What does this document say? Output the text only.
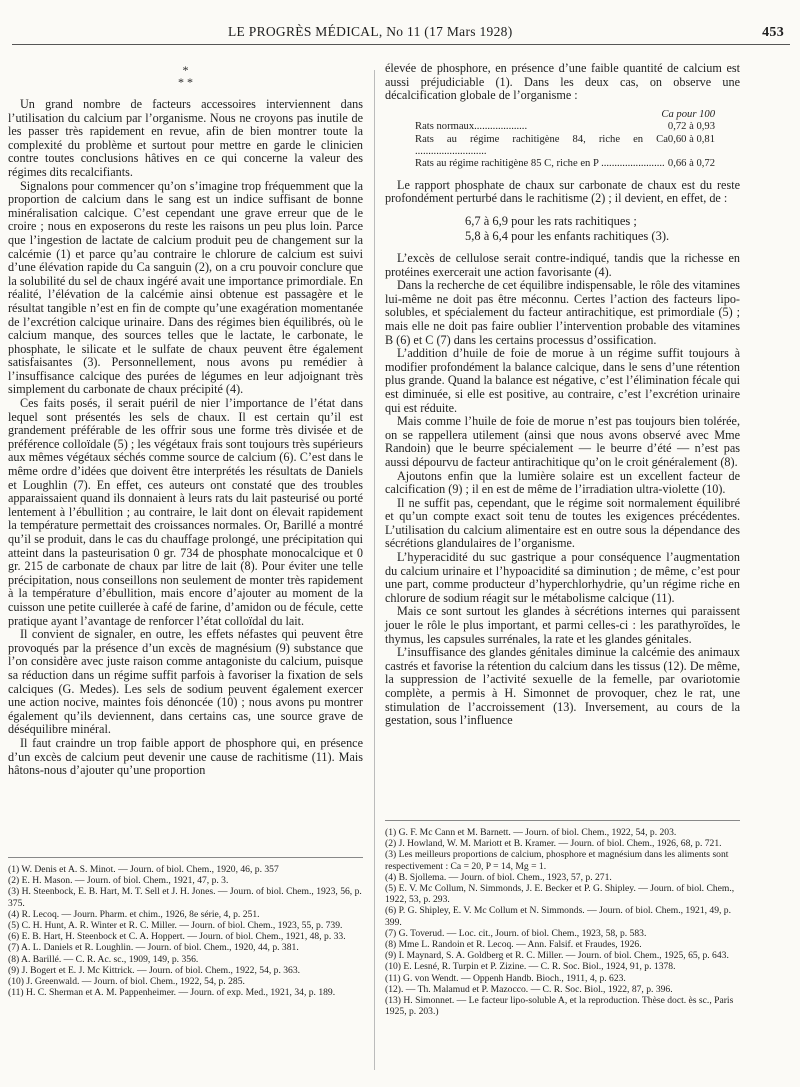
LE PROGRÈS MÉDICAL, No 11 (17 Mars 1928)	453
*
* *

Un grand nombre de facteurs accessoires interviennent dans l’utilisation du calcium par l’organisme. Nous ne croyons pas inutile de les passer très rapidement en revue, afin de bien montrer toute la complexité du problème et surtout pour mettre en garde le clinicien contre toutes conclusions hâtives en ce qui concerne la valeur des régimes dits recalcifiants.

Signalons pour commencer qu’on s’imagine trop fréquemment que la proportion de calcium dans le sang est un indice suffisant de bonne minéralisation calcique. C’est cependant une grave erreur que de le croire ; nous en exposerons du reste les raisons un peu plus loin. Parce que l’ingestion de lactate de calcium produit peu de changement sur la calcémie (1) et parce qu’au contraire le chlorure de calcium est suivi d’une élévation rapide du Ca sanguin (2), on a cru pouvoir conclure que la solubilité du sel de chaux ingéré avait une importance primordiale. En réalité, l’élévation de la calcémie ainsi obtenue est passagère et le résultat tangible n’est en fin de compte qu’une exagération momentanée de l’excrétion calcique urinaire. Dans des régimes bien équilibrés, où le calcium manque, des sources telles que le lactate, le carbonate, le phosphate, le silicate et le sulfate de chaux peuvent être également satisfaisantes (3). Personnellement, nous avons pu remédier à l’insuffisance calcique des purées de légumes en leur adjoignant très simplement du carbonate de chaux précipité (4).

Ces faits posés, il serait puéril de nier l’importance de l’état dans lequel sont présentés les sels de chaux. Il est certain qu’il est grandement préférable de les offrir sous une forme très divisée et de préférence colloïdale (5) ; les végétaux frais sont toujours très supérieurs aux mêmes végétaux séchés comme source de calcium (6). C’est dans le même ordre d’idées que doivent être interprétés les résultats de Daniels et Loughlin (7). En effet, ces auteurs ont constaté que des troubles apparaissaient quand ils donnaient à leurs rats du lait pasteurisé ou porté lentement à l’ébullition ; au contraire, le lait dont on élevait rapidement la température permettait des croissances normales. Or, Barillé a montré qu’il se produit, dans le cas du chauffage prolongé, une précipitation qui atteint dans la pasteurisation 0 gr. 734 de phosphate monocalcique et 0 gr. 215 de carbonate de chaux par litre de lait (8). Pour éviter une telle précipitation, nous conseillons non seulement de monter très rapidement à la température d’ébullition, mais encore d’ajouter au moment de la cuisson une petite cuillerée à café de farine, d’amidon ou de fécule, cette pratique ayant l’avantage de renforcer l’état colloïdal du lait.

Il convient de signaler, en outre, les effets néfastes qui peuvent être provoqués par la présence d’un excès de magnésium (9) substance que l’on considère avec juste raison comme antagoniste du calcium, puisque sa réduction dans un régime suffit parfois à favoriser la fixation de sels calciques (G. Medes). Les sels de sodium peuvent également exercer une action nocive, maintes fois dénoncée (10) ; nous avons pu montrer également qu’ils deviennent, dans certains cas, une source grave de déséquilibre minéral.

Il faut craindre un trop faible apport de phosphore qui, en présence d’un excès de calcium peut devenir une cause de rachitisme (11). Mais hâtons-nous d’ajouter qu’une proportion

élevée de phosphore, en présence d’une faible quantité de calcium est aussi préjudiciable (1). Dans les deux cas, on observe une décalcification globale de l’organisme :

Ca pour 100
Rats normaux....................	0,72 à 0,93
Rats au régime rachitigène 84, riche en Ca ...........................
0,60 à 0,81
Rats au régime rachitigène 85 C, riche en P ........................ 0,66 à 0,72

Le rapport phosphate de chaux sur carbonate de chaux est du reste profondément perturbé dans le rachitisme (2) ; il devient, en effet, de :

6,7 à 6,9 pour les rats rachitiques ;
5,8 à 6,4 pour les enfants rachitiques (3).

L’excès de cellulose serait contre-indiqué, tandis que la richesse en protéines exercerait une action favorisante (4).

Dans la recherche de cet équilibre indispensable, le rôle des vitamines lui-même ne doit pas être méconnu. Certes l’action des facteurs lipo-solubles, et spécialement du facteur antirachitique, est primordiale (5) ; mais elle ne doit pas faire oublier l’intervention probable des vitamines B (6) et C (7) dans les certains processus d’ossification.

L’addition d’huile de foie de morue à un régime suffit toujours à modifier profondément la balance calcique, dans le sens d’une rétention plus grande. Quand la balance est négative, c’est l’élimination fécale qui est diminuée, si elle est positive, au contraire, c’est l’excrétion urinaire qui est réduite.

Mais comme l’huile de foie de morue n’est pas toujours bien tolérée, on se rappellera utilement (ainsi que nous avons observé avec Mme Randoin) que le beurre spécialement — le beurre d’été — n’est pas aussi dépourvu de facteur antirachitique qu’on le croit généralement (8).

Ajoutons enfin que la lumière solaire est un excellent facteur de calcification (9) ; il en est de même de l’irradiation ultra-violette (10).

Il ne suffit pas, cependant, que le régime soit normalement équilibré et qu’un compte exact soit tenu de toutes les exigences précédentes. L’utilisation du calcium alimentaire est en outre sous la dépendance des sécrétions glandulaires de l’organisme.

L’hyperacidité du suc gastrique a pour conséquence l’augmentation du calcium urinaire et l’hypoacidité sa diminution ; de même, c’est pour une part, comme producteur d’hyperchlorhydrie, qu’un régime riche en chlorure de sodium réagit sur le métabolisme calcique (11).

Mais ce sont surtout les glandes à sécrétions internes qui paraissent jouer le rôle le plus important, et parmi celles-ci : les parathyroïdes, le thymus, les capsules surrénales, la rate et les glandes génitales.

L’insuffisance des glandes génitales diminue la calcémie des animaux castrés et favorise la rétention du calcium dans les tissus (12). De même, la suppression de l’activité sexuelle de la femelle, par ovariotomie complète, a permis à H. Simonnet de provoquer, chez le rat, une stimulation de l’accroissement (13). Inversement, au cours de la gestation, sous l’influence

(1) W. Denis et A. S. Minot. — Journ. of biol. Chem., 1920, 46, p. 357

(2) E. H. Mason. — Journ. of biol. Chem., 1921, 47, p. 3.

(3) H. Steenbock, E. B. Hart, M. T. Sell et J. H. Jones. — Journ. of biol. Chem., 1923, 56, p. 375.

(4) R. Lecoq. — Journ. Pharm. et chim., 1926, 8e série, 4, p. 251.

(5) C. H. Hunt, A. R. Winter et R. C. Miller. — Journ. of biol. Chem., 1923, 55, p. 739.

(6) E. B. Hart, H. Steenbock et C. A. Hoppert. — Journ. of biol. Chem., 1921, 48, p. 33.

(7) A. L. Daniels et R. Loughlin. — Journ. of biol. Chem., 1920, 44, p. 381.

(8) A. Barillé. — C. R. Ac. sc., 1909, 149, p. 356.

(9) J. Bogert et E. J. Mc Kittrick. — Journ. of biol. Chem., 1922, 54, p. 363.

(10) J. Greenwald. — Journ. of biol. Chem., 1922, 54, p. 285.

(11) H. C. Sherman et A. M. Pappenheimer. — Journ. of exp. Med., 1921, 34, p. 189.

(1) G. F. Mc Cann et M. Barnett. — Journ. of biol. Chem., 1922, 54, p. 203.

(2) J. Howland, W. M. Mariott et B. Kramer. — Journ. of biol. Chem., 1926, 68, p. 721.

(3) Les meilleurs proportions de calcium, phosphore et magnésium dans les aliments sont respectivement : Ca = 20, P = 14, Mg = 1.

(4) B. Sjollema. — Journ. of biol. Chem., 1923, 57, p. 271.

(5) E. V. Mc Collum, N. Simmonds, J. E. Becker et P. G. Shipley. — Journ. of biol. Chem., 1922, 53, p. 293.

(6) P. G. Shipley, E. V. Mc Collum et N. Simmonds. — Journ. of biol. Chem., 1921, 49, p. 399.

(7) G. Toverud. — Loc. cit., Journ. of biol. Chem., 1923, 58, p. 583.

(8) Mme L. Randoin et R. Lecoq. — Ann. Falsif. et Fraudes, 1926.

(9) I. Maynard, S. A. Goldberg et R. C. Miller. — Journ. of biol. Chem., 1925, 65, p. 643.

(10) E. Lesné, R. Turpin et P. Zizine. — C. R. Soc. Biol., 1924, 91, p. 1378.

(11) G. von Wendt. — Oppenh Handb. Bioch., 1911, 4, p. 623.

(12). — Th. Malamud et P. Mazocco. — C. R. Soc. Biol., 1922, 87, p. 396.

(13) H. Simonnet. — Le facteur lipo-soluble A, et la reproduction. Thèse doct. ès sc., Paris 1925, p. 203.)
